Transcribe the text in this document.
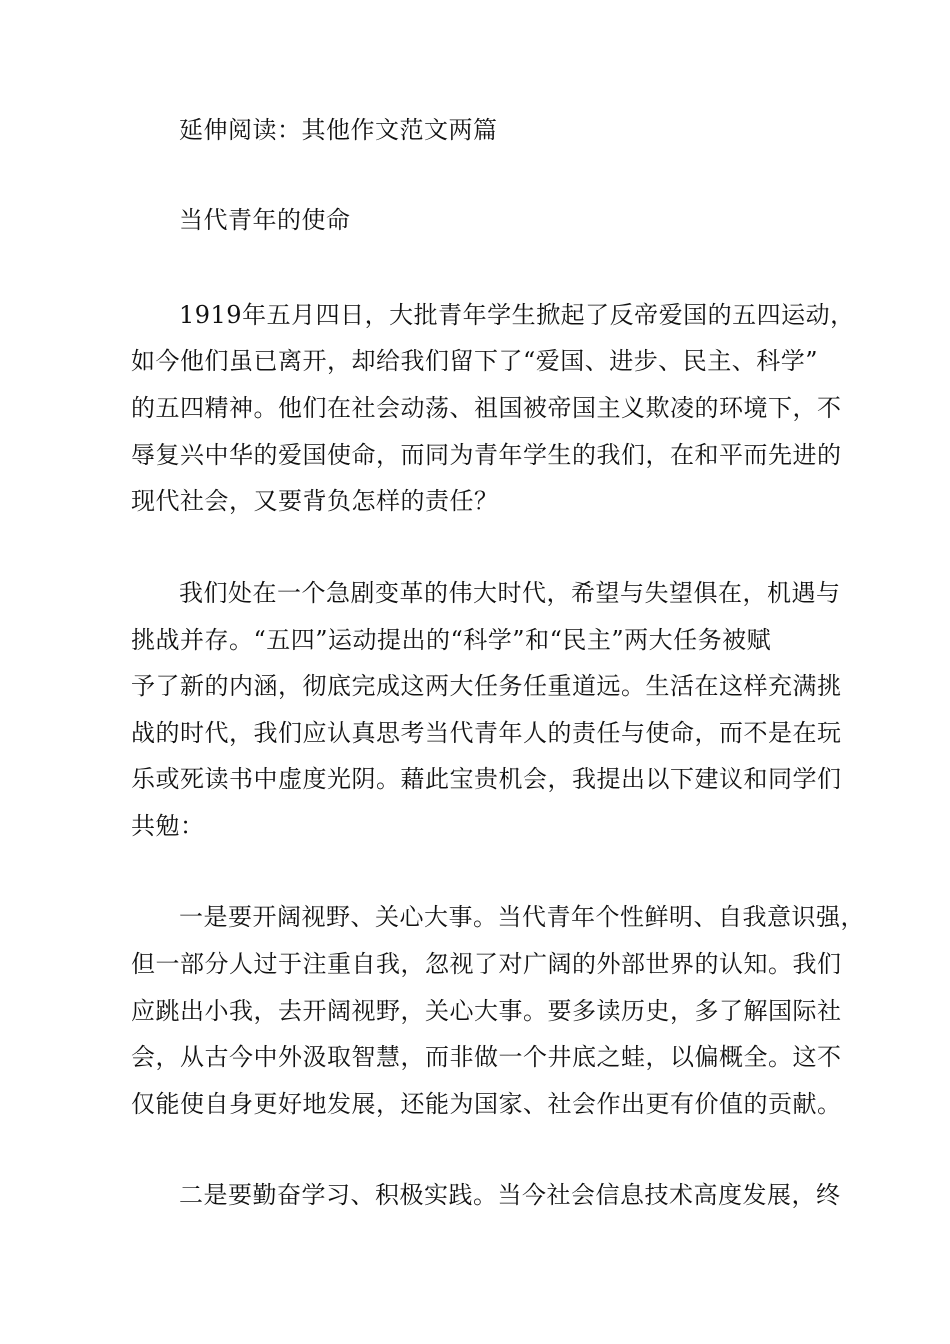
延伸阅读：其他作文范文两篇
当代青年的使命
1919年五月四日，大批青年学生掀起了反帝爱国的五四运动，
如今他们虽已离开，却给我们留下了“爱国、进步、民主、科学”
的五四精神。他们在社会动荡、祖国被帝国主义欺凌的环境下，不
辱复兴中华的爱国使命，而同为青年学生的我们，在和平而先进的
现代社会，又要背负怎样的责任？
我们处在一个急剧变革的伟大时代，希望与失望俱在，机遇与
挑战并存。“五四”运动提出的“科学”和“民主”两大任务被赋
予了新的内涵，彻底完成这两大任务任重道远。生活在这样充满挑
战的时代，我们应认真思考当代青年人的责任与使命，而不是在玩
乐或死读书中虚度光阴。藉此宝贵机会，我提出以下建议和同学们
共勉：
一是要开阔视野、关心大事。当代青年个性鲜明、自我意识强，
但一部分人过于注重自我，忽视了对广阔的外部世界的认知。我们
应跳出小我，去开阔视野，关心大事。要多读历史，多了解国际社
会，从古今中外汲取智慧，而非做一个井底之蛙，以偏概全。这不
仅能使自身更好地发展，还能为国家、社会作出更有价值的贡献。
二是要勤奋学习、积极实践。当今社会信息技术高度发展，终
